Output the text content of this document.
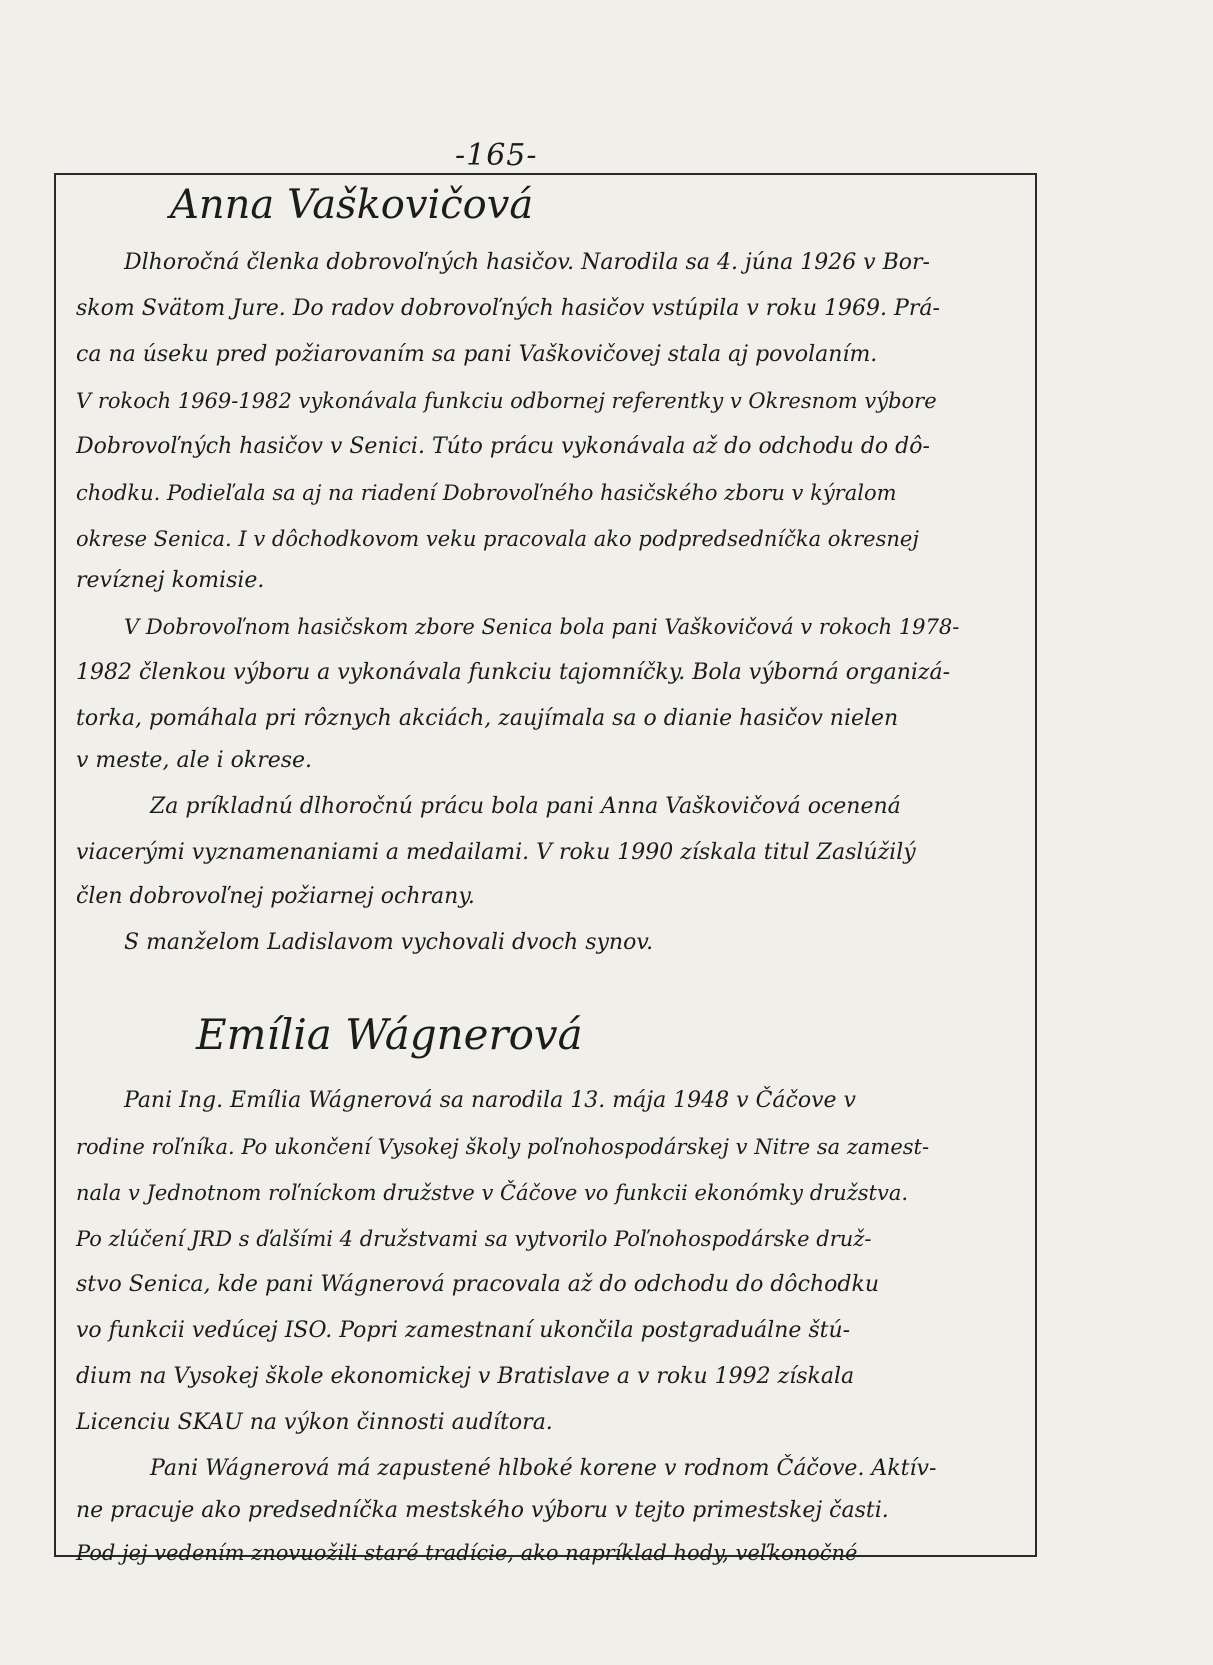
-165-
Anna Vaškovičová

Dlhoročná členka dobrovoľných hasičov. Narodila sa 4. júna 1926 v Bor-

skom Svätom Jure. Do radov dobrovoľných hasičov vstúpila v roku 1969. Prá-

ca na úseku pred požiarovaním sa pani Vaškovičovej stala aj povolaním.

V rokoch 1969-1982 vykonávala funkciu odbornej referentky v Okresnom výbore

Dobrovoľných hasičov v Senici. Túto prácu vykonávala až do odchodu do dô-

chodku. Podieľala sa aj na riadení Dobrovoľného hasičského zboru v kýralom

okrese Senica. I v dôchodkovom veku pracovala ako podpredsedníčka okresnej

revíznej komisie.

V Dobrovoľnom hasičskom zbore Senica bola pani Vaškovičová v rokoch 1978-

1982 členkou výboru a vykonávala funkciu tajomníčky. Bola výborná organizá-

torka, pomáhala pri rôznych akciách, zaujímala sa o dianie hasičov nielen

v meste, ale i okrese.

Za príkladnú dlhoročnú prácu bola pani Anna Vaškovičová ocenená

viacerými vyznamenaniami a medailami. V roku 1990 získala titul Zaslúžilý

člen dobrovoľnej požiarnej ochrany.

S manželom Ladislavom vychovali dvoch synov.

Emília Wágnerová

Pani Ing. Emília Wágnerová sa narodila 13. mája 1948 v Čáčove v

rodine roľníka. Po ukončení Vysokej školy poľnohospodárskej v Nitre sa zamest-

nala v Jednotnom roľníckom družstve v Čáčove vo funkcii ekonómky družstva.

Po zlúčení JRD s ďalšími 4 družstvami sa vytvorilo Poľnohospodárske druž-

stvo Senica, kde pani Wágnerová pracovala až do odchodu do dôchodku

vo funkcii vedúcej ISO. Popri zamestnaní ukončila postgraduálne štú-

dium na Vysokej škole ekonomickej v Bratislave a v roku 1992 získala

Licenciu SKAU na výkon činnosti audítora.

Pani Wágnerová má zapustené hlboké korene v rodnom Čáčove. Aktív-

ne pracuje ako predsedníčka mestského výboru v tejto primestskej časti.

Pod jej vedením znovuožili staré tradície, ako napríklad hody, veľkonočné
